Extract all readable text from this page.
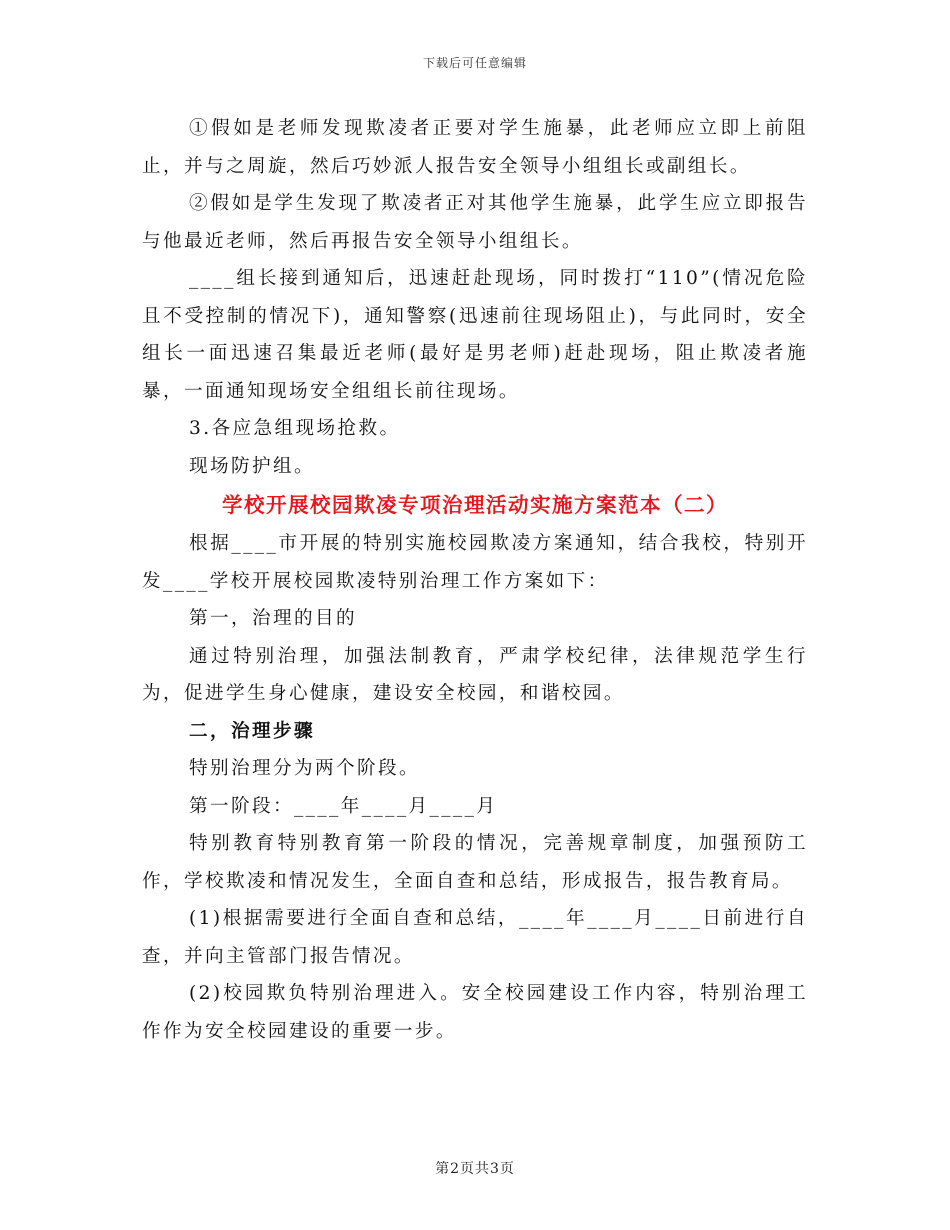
下载后可任意编辑

①假如是老师发现欺凌者正要对学生施暴，此老师应立即上前阻止，并与之周旋，然后巧妙派人报告安全领导小组组长或副组长。

②假如是学生发现了欺凌者正对其他学生施暴，此学生应立即报告与他最近老师，然后再报告安全领导小组组长。

____组长接到通知后，迅速赶赴现场，同时拨打“110”(情况危险且不受控制的情况下)，通知警察(迅速前往现场阻止)，与此同时，安全组长一面迅速召集最近老师(最好是男老师)赶赴现场，阻止欺凌者施暴，一面通知现场安全组组长前往现场。

3.各应急组现场抢救。

现场防护组。

学校开展校园欺凌专项治理活动实施方案范本（二）

根据____市开展的特别实施校园欺凌方案通知，结合我校，特别开发____学校开展校园欺凌特别治理工作方案如下：

第一，治理的目的

通过特别治理，加强法制教育，严肃学校纪律，法律规范学生行为，促进学生身心健康，建设安全校园，和谐校园。

二，治理步骤

特别治理分为两个阶段。

第一阶段：____年____月____月

特别教育特别教育第一阶段的情况，完善规章制度，加强预防工作，学校欺凌和情况发生，全面自查和总结，形成报告，报告教育局。

(1)根据需要进行全面自查和总结，____年____月____日前进行自查，并向主管部门报告情况。

(2)校园欺负特别治理进入。安全校园建设工作内容，特别治理工作作为安全校园建设的重要一步。

第2页共3页
